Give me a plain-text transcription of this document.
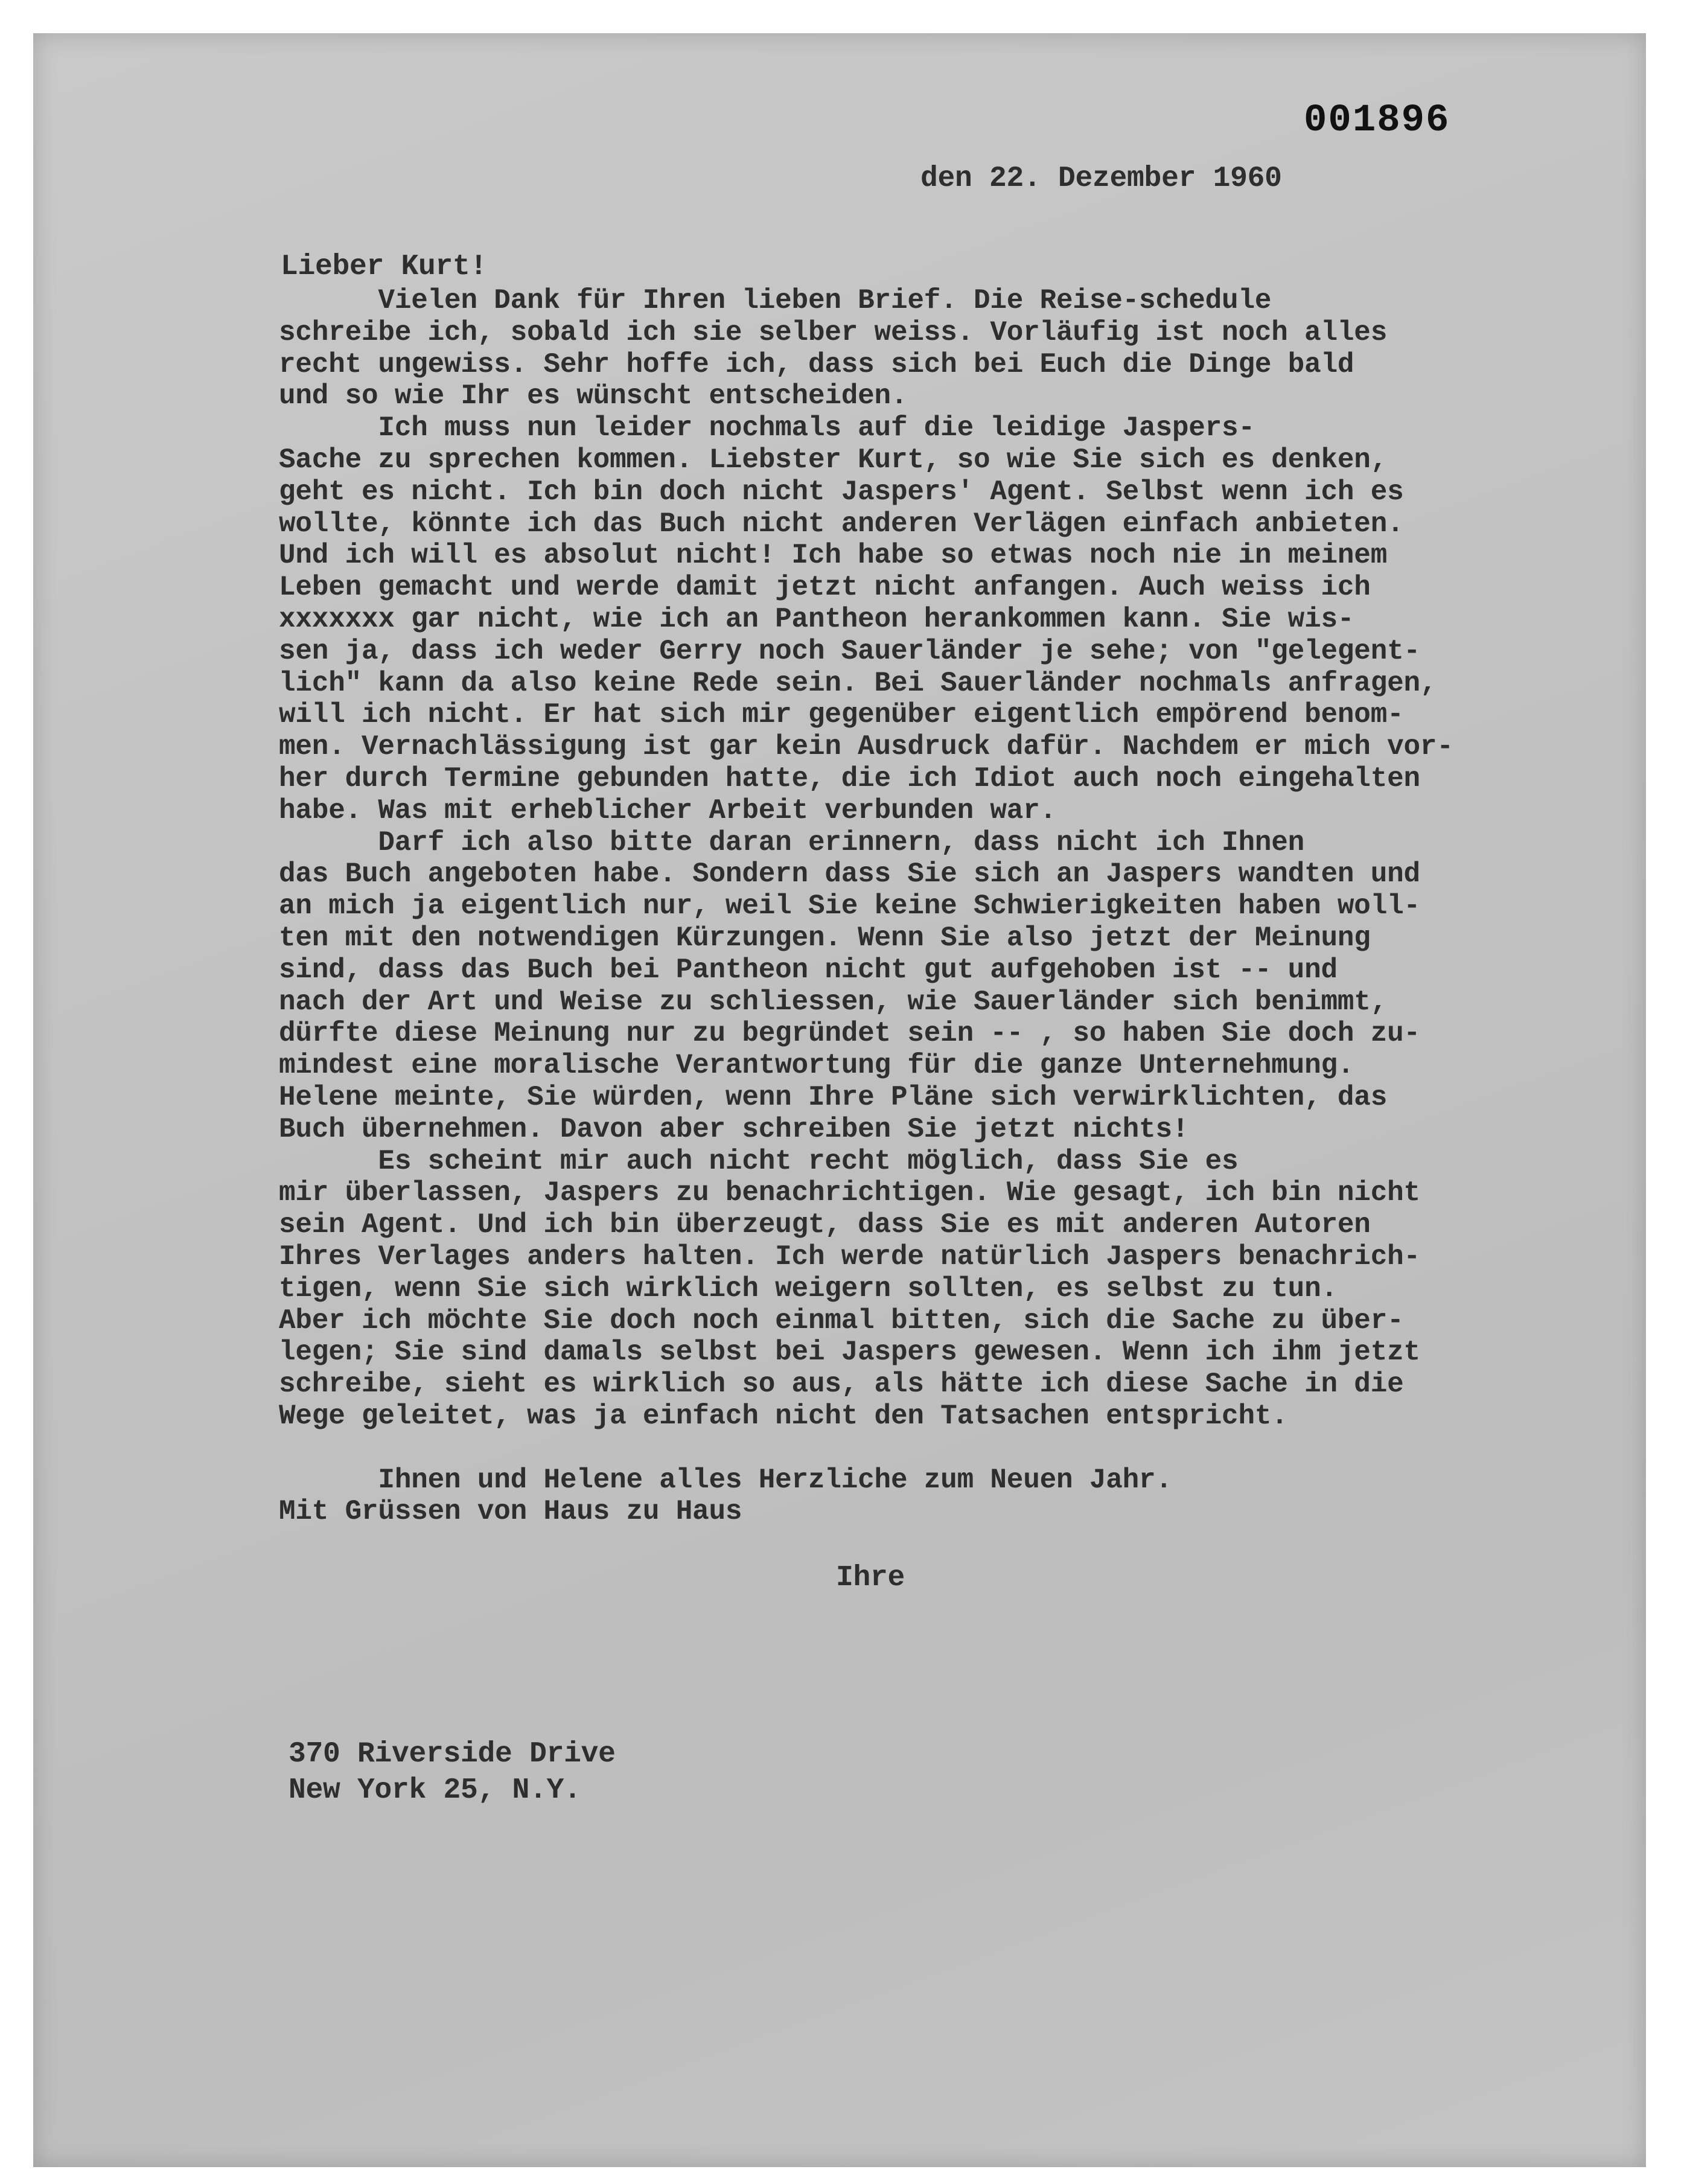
001896
den 22. Dezember 1960
Lieber Kurt!
Vielen Dank für Ihren lieben Brief. Die Reise-schedule
schreibe ich, sobald ich sie selber weiss. Vorläufig ist noch alles
recht ungewiss. Sehr hoffe ich, dass sich bei Euch die Dinge bald
und so wie Ihr es wünscht entscheiden.
Ich muss nun leider nochmals auf die leidige Jaspers-
Sache zu sprechen kommen. Liebster Kurt, so wie Sie sich es denken,
geht es nicht. Ich bin doch nicht Jaspers' Agent. Selbst wenn ich es
wollte, könnte ich das Buch nicht anderen Verlägen einfach anbieten.
Und ich will es absolut nicht! Ich habe so etwas noch nie in meinem
Leben gemacht und werde damit jetzt nicht anfangen. Auch weiss ich
xxxxxxx gar nicht, wie ich an Pantheon herankommen kann. Sie wis-
sen ja, dass ich weder Gerry noch Sauerländer je sehe; von "gelegent-
lich" kann da also keine Rede sein. Bei Sauerländer nochmals anfragen,
will ich nicht. Er hat sich mir gegenüber eigentlich empörend benom-
men. Vernachlässigung ist gar kein Ausdruck dafür. Nachdem er mich vor-
her durch Termine gebunden hatte, die ich Idiot auch noch eingehalten
habe. Was mit erheblicher Arbeit verbunden war.
Darf ich also bitte daran erinnern, dass nicht ich Ihnen
das Buch angeboten habe. Sondern dass Sie sich an Jaspers wandten und
an mich ja eigentlich nur, weil Sie keine Schwierigkeiten haben woll-
ten mit den notwendigen Kürzungen. Wenn Sie also jetzt der Meinung
sind, dass das Buch bei Pantheon nicht gut aufgehoben ist -- und
nach der Art und Weise zu schliessen, wie Sauerländer sich benimmt,
dürfte diese Meinung nur zu begründet sein -- , so haben Sie doch zu-
mindest eine moralische Verantwortung für die ganze Unternehmung.
Helene meinte, Sie würden, wenn Ihre Pläne sich verwirklichten, das
Buch übernehmen. Davon aber schreiben Sie jetzt nichts!
Es scheint mir auch nicht recht möglich, dass Sie es
mir überlassen, Jaspers zu benachrichtigen. Wie gesagt, ich bin nicht
sein Agent. Und ich bin überzeugt, dass Sie es mit anderen Autoren
Ihres Verlages anders halten. Ich werde natürlich Jaspers benachrich-
tigen, wenn Sie sich wirklich weigern sollten, es selbst zu tun.
Aber ich möchte Sie doch noch einmal bitten, sich die Sache zu über-
legen; Sie sind damals selbst bei Jaspers gewesen. Wenn ich ihm jetzt
schreibe, sieht es wirklich so aus, als hätte ich diese Sache in die
Wege geleitet, was ja einfach nicht den Tatsachen entspricht.
Ihnen und Helene alles Herzliche zum Neuen Jahr.
Mit Grüssen von Haus zu Haus
Ihre
370 Riverside Drive
New York 25, N.Y.
